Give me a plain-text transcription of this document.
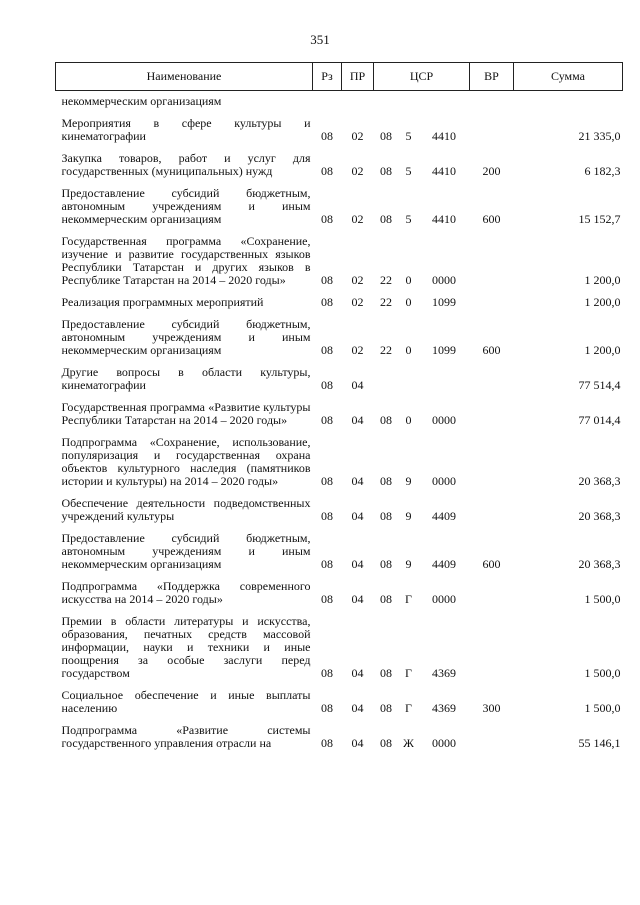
351
Наименование	Рз	ПР	ЦСР			ВР	Сумма
некоммерческим организациям							
Мероприятия в сфере культуры и кинематографии	08	02	08	5	4410		21 335,0
Закупка товаров, работ и услуг для государственных (муниципальных) нужд	08	02	08	5	4410	200	6 182,3
Предоставление субсидий бюджетным, автономным учреждениям и иным некоммерческим организациям	08	02	08	5	4410	600	15 152,7
Государственная программа «Сохранение, изучение и развитие государственных языков Республики Татарстан и других языков в Республике Татарстан на 2014 – 2020 годы»	08	02	22	0	0000		1 200,0
Реализация программных мероприятий	08	02	22	0	1099		1 200,0
Предоставление субсидий бюджетным, автономным учреждениям и иным некоммерческим организациям	08	02	22	0	1099	600	1 200,0
Другие вопросы в области культуры, кинематографии	08	04					77 514,4
Государственная программа «Развитие культуры Республики Татарстан на 2014 – 2020 годы»	08	04	08	0	0000		77 014,4
Подпрограмма «Сохранение, использование, популяризация и государственная охрана объектов культурного наследия (памятников истории и культуры) на 2014 – 2020 годы»	08	04	08	9	0000		20 368,3
Обеспечение деятельности подведомственных учреждений культуры	08	04	08	9	4409		20 368,3
Предоставление субсидий бюджетным, автономным учреждениям и иным некоммерческим организациям	08	04	08	9	4409	600	20 368,3
Подпрограмма «Поддержка современного искусства на 2014 – 2020 годы»	08	04	08	Г	0000		1 500,0
Премии в области литературы и искусства, образования, печатных средств массовой информации, науки и техники и иные поощрения за особые заслуги перед государством	08	04	08	Г	4369		1 500,0
Социальное обеспечение и иные выплаты населению	08	04	08	Г	4369	300	1 500,0
Подпрограмма «Развитие системы государственного управления отрасли на	08	04	08	Ж	0000		55 146,1
